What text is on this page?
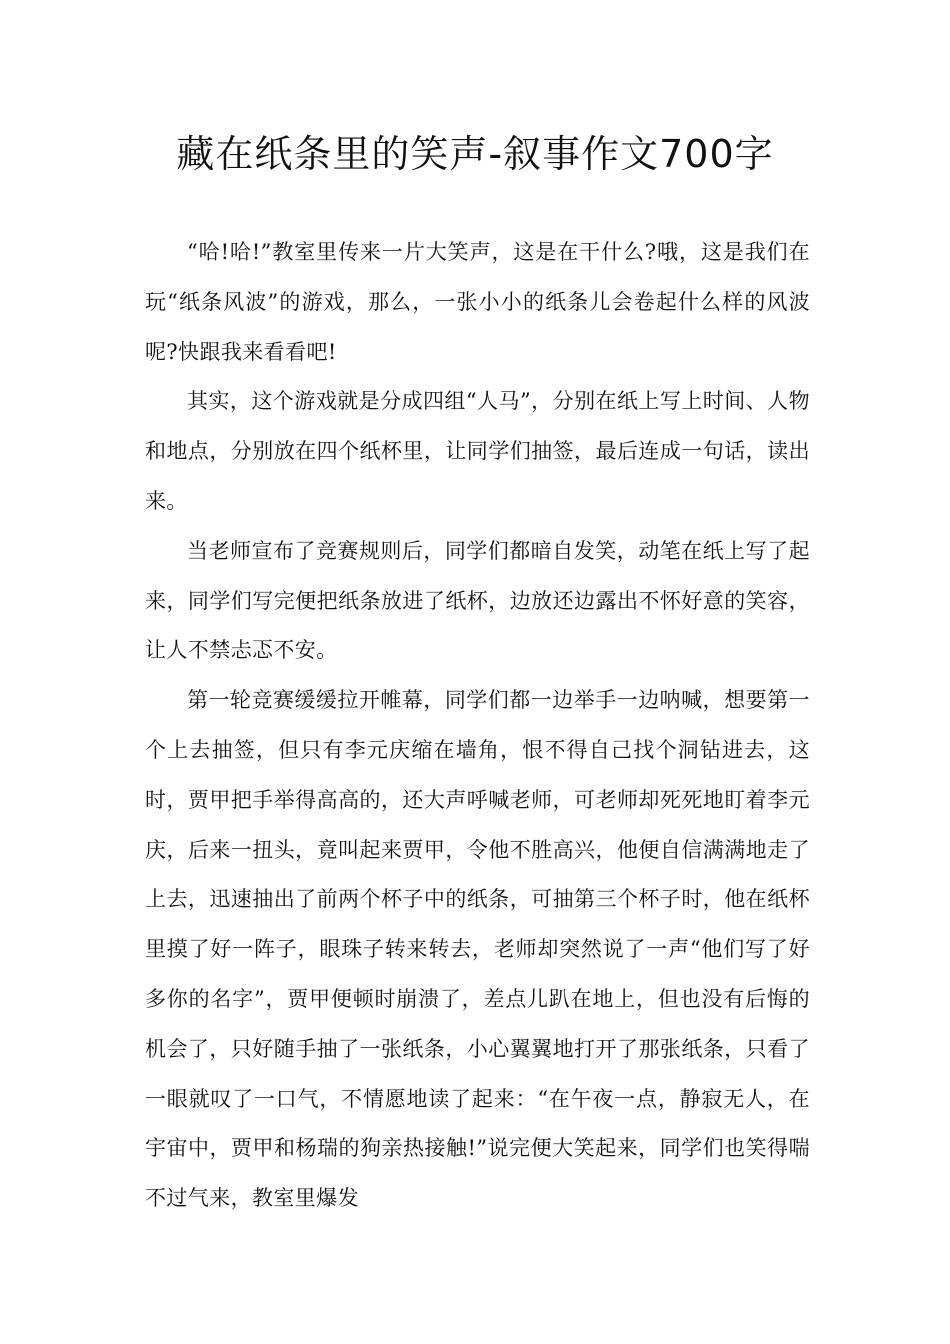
藏在纸条里的笑声-叙事作文700字

“哈!哈!”教室里传来一片大笑声，这是在干什么?哦，这是我们在玩“纸条风波”的游戏，那么，一张小小的纸条儿会卷起什么样的风波呢?快跟我来看看吧!

其实，这个游戏就是分成四组“人马”，分别在纸上写上时间、人物和地点，分别放在四个纸杯里，让同学们抽签，最后连成一句话，读出来。

当老师宣布了竞赛规则后，同学们都暗自发笑，动笔在纸上写了起来，同学们写完便把纸条放进了纸杯，边放还边露出不怀好意的笑容，让人不禁忐忑不安。

第一轮竞赛缓缓拉开帷幕，同学们都一边举手一边呐喊，想要第一个上去抽签，但只有李元庆缩在墙角，恨不得自己找个洞钻进去，这时，贾甲把手举得高高的，还大声呼喊老师，可老师却死死地盯着李元庆，后来一扭头，竟叫起来贾甲，令他不胜高兴，他便自信满满地走了上去，迅速抽出了前两个杯子中的纸条，可抽第三个杯子时，他在纸杯里摸了好一阵子，眼珠子转来转去，老师却突然说了一声“他们写了好多你的名字”，贾甲便顿时崩溃了，差点儿趴在地上，但也没有后悔的机会了，只好随手抽了一张纸条，小心翼翼地打开了那张纸条，只看了一眼就叹了一口气，不情愿地读了起来：“在午夜一点，静寂无人，在宇宙中，贾甲和杨瑞的狗亲热接触!”说完便大笑起来，同学们也笑得喘不过气来，教室里爆发
